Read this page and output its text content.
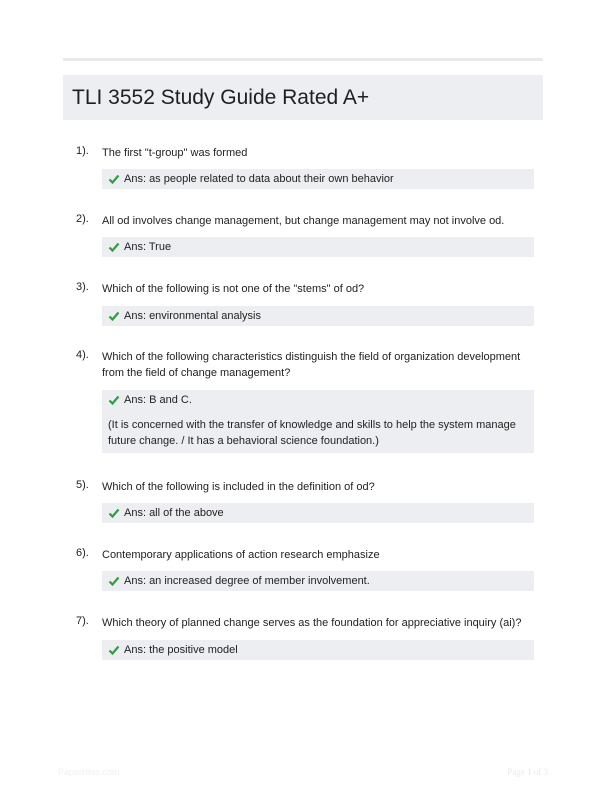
TLI 3552 Study Guide Rated A+
1). The first "t-group" was formed
Ans: as people related to data about their own behavior
2). All od involves change management, but change management may not involve od.
Ans: True
3). Which of the following is not one of the "stems" of od?
Ans: environmental analysis
4). Which of the following characteristics distinguish the field of organization development from the field of change management?
Ans: B and C.
(It is concerned with the transfer of knowledge and skills to help the system manage future change. / It has a behavioral science foundation.)
5). Which of the following is included in the definition of od?
Ans: all of the above
6). Contemporary applications of action research emphasize
Ans: an increased degree of member involvement.
7). Which theory of planned change serves as the foundation for appreciative inquiry (ai)?
Ans: the positive model
Paperbliss.com	Page 1 of 3
